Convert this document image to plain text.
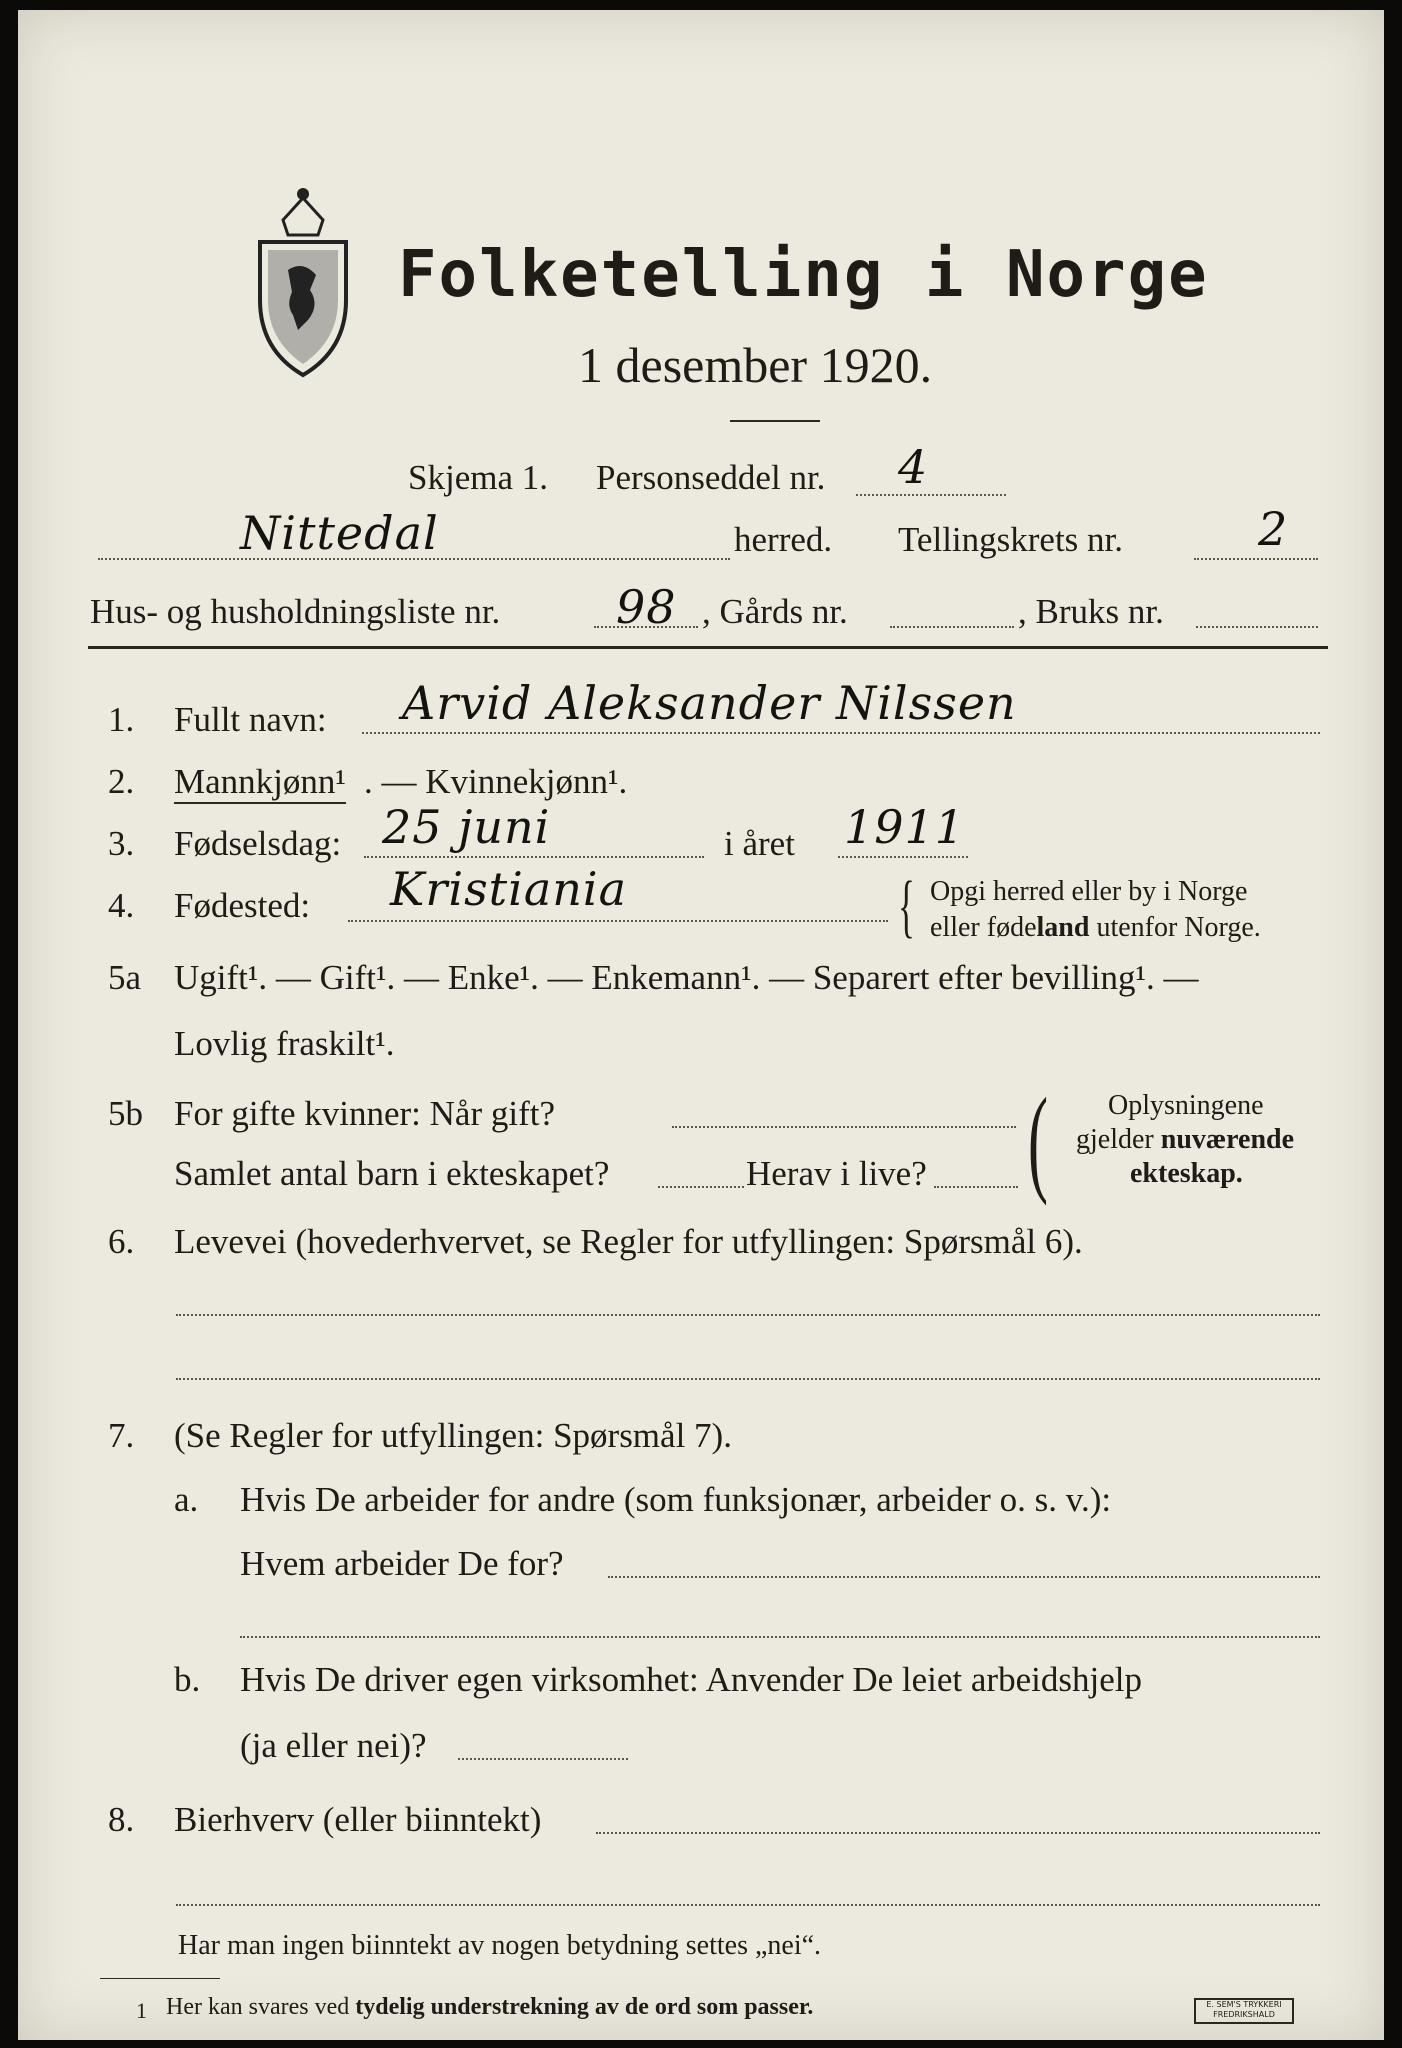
Folketelling i Norge
1 desember 1920.
Skjema 1. Personseddel nr. 4
Nittedal	herred. Tellingskrets nr.	2
Hus- og husholdningsliste nr.	98 , Gårds nr.	, Bruks nr.
1. Fullt navn: Arvid Aleksander Nilssen
2. Mannkjønn¹ . — Kvinnekjønn¹.
3. Fødselsdag: 25 juni	i året 1911
4. Fødested: Kristiania	{ Opgi herred eller by i Norge
eller fødeland utenfor Norge.
5a Ugift¹. — Gift¹. — Enke¹. — Enkemann¹. — Separert efter bevilling¹. —
Lovlig fraskilt¹.
5b For gifte kvinner: Når gift?
Samlet antal barn i ekteskapet?	Herav i live? ( Oplysningene
gjelder nuværende
ekteskap.
6. Levevei (hovederhvervet, se Regler for utfyllingen: Spørsmål 6).
7. (Se Regler for utfyllingen: Spørsmål 7).
a. Hvis De arbeider for andre (som funksjonær, arbeider o. s. v.):
Hvem arbeider De for?
b. Hvis De driver egen virksomhet: Anvender De leiet arbeidshjelp
(ja eller nei)?
8. Bierhverv (eller biinntekt)
Har man ingen biinntekt av nogen betydning settes „nei“.
1 Her kan svares ved tydelig understrekning av de ord som passer.	E. SEM'S TRYKKERI FREDRIKSHALD
